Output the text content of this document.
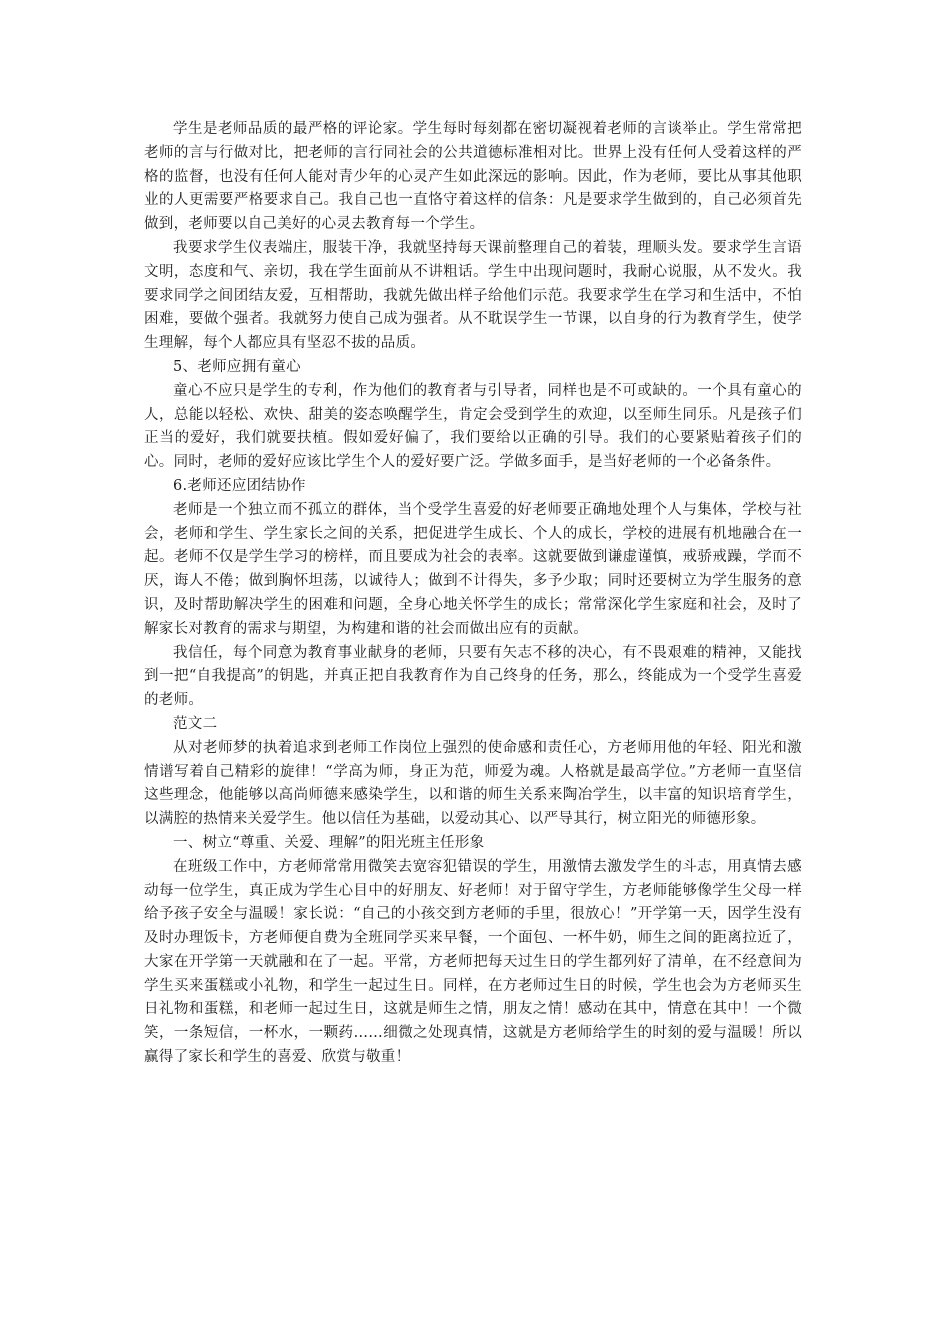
学生是老师品质的最严格的评论家。学生每时每刻都在密切凝视着老师的言谈举止。学生常常把老师的言与行做对比，把老师的言行同社会的公共道德标准相对比。世界上没有任何人受着这样的严格的监督，也没有任何人能对青少年的心灵产生如此深远的影响。因此，作为老师，要比从事其他职业的人更需要严格要求自己。我自己也一直恪守着这样的信条：凡是要求学生做到的，自己必须首先做到，老师要以自己美好的心灵去教育每一个学生。

我要求学生仪表端庄，服装干净，我就坚持每天课前整理自己的着装，理顺头发。要求学生言语文明，态度和气、亲切，我在学生面前从不讲粗话。学生中出现问题时，我耐心说服，从不发火。我要求同学之间团结友爱，互相帮助，我就先做出样子给他们示范。我要求学生在学习和生活中，不怕困难，要做个强者。我就努力使自己成为强者。从不耽误学生一节课，以自身的行为教育学生，使学生理解，每个人都应具有坚忍不拔的品质。

5、老师应拥有童心

童心不应只是学生的专利，作为他们的教育者与引导者，同样也是不可或缺的。一个具有童心的人，总能以轻松、欢快、甜美的姿态唤醒学生，肯定会受到学生的欢迎，以至师生同乐。凡是孩子们正当的爱好，我们就要扶植。假如爱好偏了，我们要给以正确的引导。我们的心要紧贴着孩子们的心。同时，老师的爱好应该比学生个人的爱好要广泛。学做多面手，是当好老师的一个必备条件。

6.老师还应团结协作

老师是一个独立而不孤立的群体，当个受学生喜爱的好老师要正确地处理个人与集体，学校与社会，老师和学生、学生家长之间的关系，把促进学生成长、个人的成长，学校的进展有机地融合在一起。老师不仅是学生学习的榜样，而且要成为社会的表率。这就要做到谦虚谨慎，戒骄戒躁，学而不厌，诲人不倦；做到胸怀坦荡，以诚待人；做到不计得失，多予少取；同时还要树立为学生服务的意识，及时帮助解决学生的困难和问题，全身心地关怀学生的成长；常常深化学生家庭和社会，及时了解家长对教育的需求与期望，为构建和谐的社会而做出应有的贡献。

我信任，每个同意为教育事业献身的老师，只要有矢志不移的决心，有不畏艰难的精神，又能找到一把“自我提高”的钥匙，并真正把自我教育作为自己终身的任务，那么，终能成为一个受学生喜爱的老师。

范文二

从对老师梦的执着追求到老师工作岗位上强烈的使命感和责任心，方老师用他的年轻、阳光和激情谱写着自己精彩的旋律！“学高为师，身正为范，师爱为魂。人格就是最高学位。”方老师一直坚信这些理念，他能够以高尚师德来感染学生，以和谐的师生关系来陶冶学生，以丰富的知识培育学生，以满腔的热情来关爱学生。他以信任为基础，以爱动其心、以严导其行，树立阳光的师德形象。

一、树立“尊重、关爱、理解”的阳光班主任形象

在班级工作中，方老师常常用微笑去宽容犯错误的学生，用激情去激发学生的斗志，用真情去感动每一位学生，真正成为学生心目中的好朋友、好老师！对于留守学生，方老师能够像学生父母一样给予孩子安全与温暖！家长说：“自己的小孩交到方老师的手里，很放心！”开学第一天，因学生没有及时办理饭卡，方老师便自费为全班同学买来早餐，一个面包、一杯牛奶，师生之间的距离拉近了，大家在开学第一天就融和在了一起。平常，方老师把每天过生日的学生都列好了清单，在不经意间为学生买来蛋糕或小礼物，和学生一起过生日。同样，在方老师过生日的时候，学生也会为方老师买生日礼物和蛋糕，和老师一起过生日，这就是师生之情，朋友之情！感动在其中，情意在其中！一个微笑，一条短信，一杯水，一颗药……细微之处现真情，这就是方老师给学生的时刻的爱与温暖！所以赢得了家长和学生的喜爱、欣赏与敬重！
